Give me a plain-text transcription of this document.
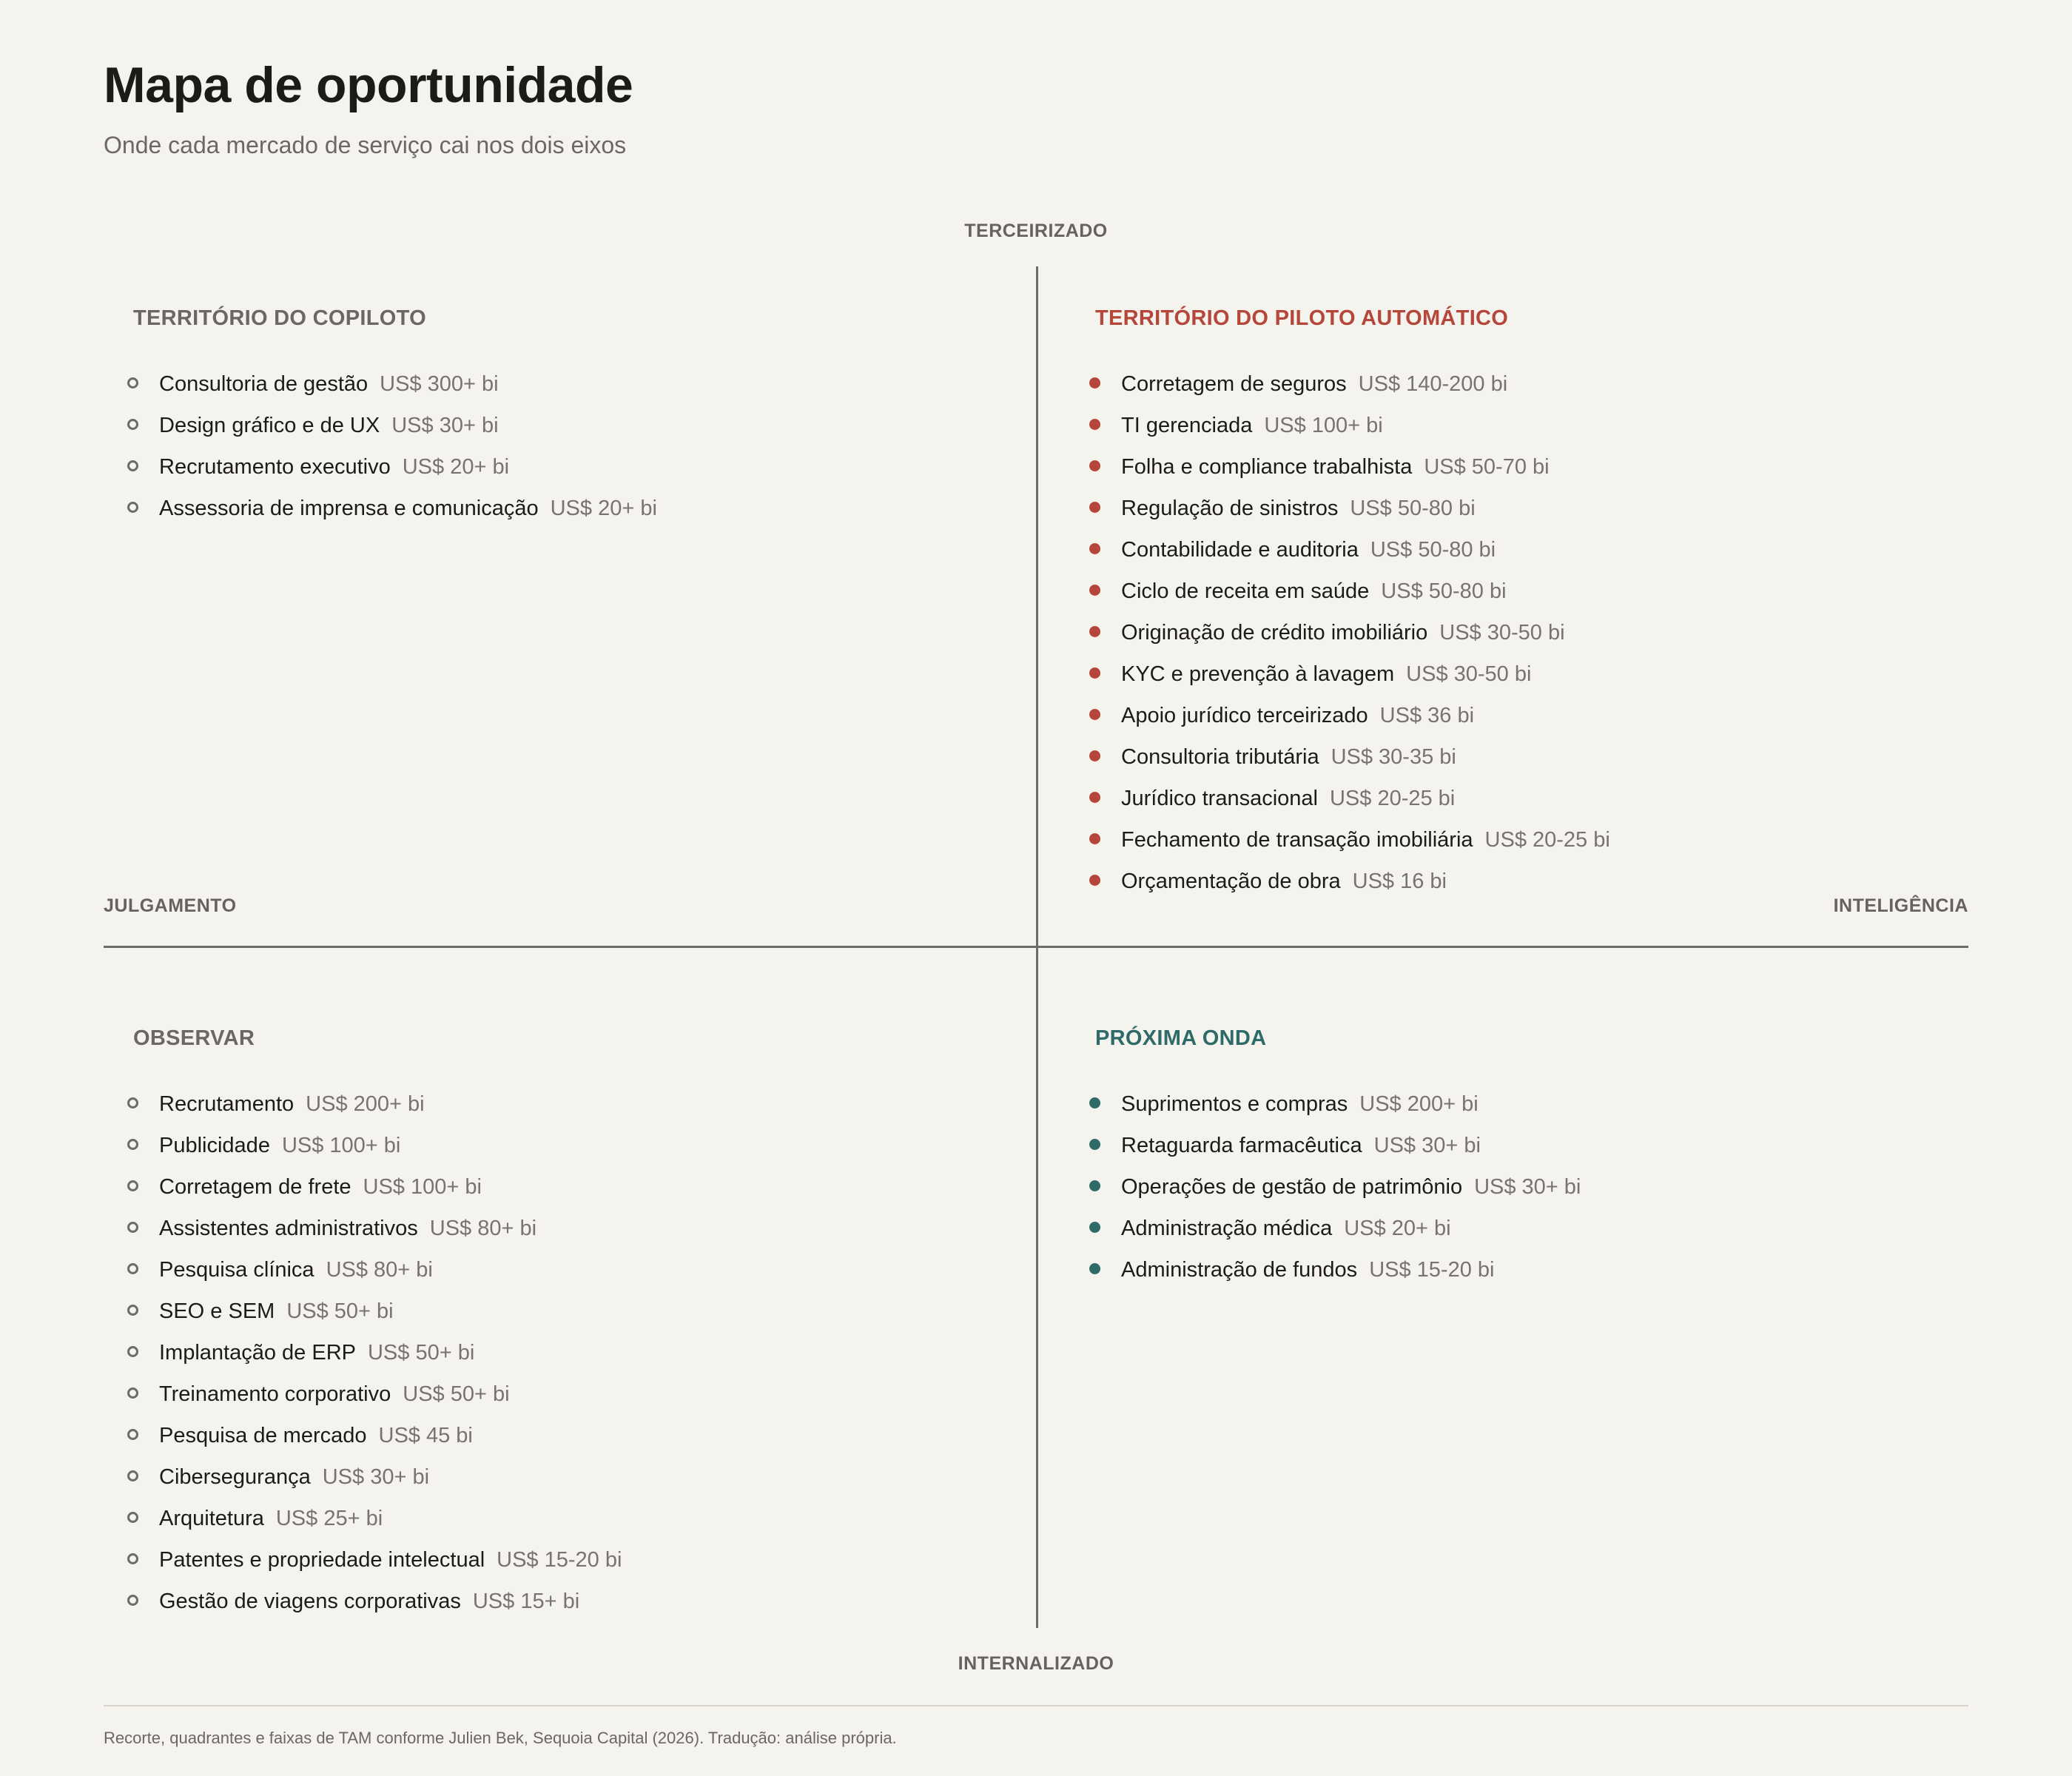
Mapa de oportunidade

Onde cada mercado de serviço cai nos dois eixos

TERCEIRIZADO
INTERNALIZADO
JULGAMENTO	INTELIGÊNCIA
TERRITÓRIO DO COPILOTO
Consultoria de gestão US$ 300+ bi
Design gráfico e de UX US$ 30+ bi
Recrutamento executivo US$ 20+ bi
Assessoria de imprensa e comunicação US$ 20+ bi
TERRITÓRIO DO PILOTO AUTOMÁTICO
Corretagem de seguros US$ 140-200 bi
TI gerenciada US$ 100+ bi
Folha e compliance trabalhista US$ 50-70 bi
Regulação de sinistros US$ 50-80 bi
Contabilidade e auditoria US$ 50-80 bi
Ciclo de receita em saúde US$ 50-80 bi
Originação de crédito imobiliário US$ 30-50 bi
KYC e prevenção à lavagem US$ 30-50 bi
Apoio jurídico terceirizado US$ 36 bi
Consultoria tributária US$ 30-35 bi
Jurídico transacional US$ 20-25 bi
Fechamento de transação imobiliária US$ 20-25 bi
Orçamentação de obra US$ 16 bi
OBSERVAR
Recrutamento US$ 200+ bi
Publicidade US$ 100+ bi
Corretagem de frete US$ 100+ bi
Assistentes administrativos US$ 80+ bi
Pesquisa clínica US$ 80+ bi
SEO e SEM US$ 50+ bi
Implantação de ERP US$ 50+ bi
Treinamento corporativo US$ 50+ bi
Pesquisa de mercado US$ 45 bi
Cibersegurança US$ 30+ bi
Arquitetura US$ 25+ bi
Patentes e propriedade intelectual US$ 15-20 bi
Gestão de viagens corporativas US$ 15+ bi
PRÓXIMA ONDA
Suprimentos e compras US$ 200+ bi
Retaguarda farmacêutica US$ 30+ bi
Operações de gestão de patrimônio US$ 30+ bi
Administração médica US$ 20+ bi
Administração de fundos US$ 15-20 bi

Recorte, quadrantes e faixas de TAM conforme Julien Bek, Sequoia Capital (2026). Tradução: análise própria.
